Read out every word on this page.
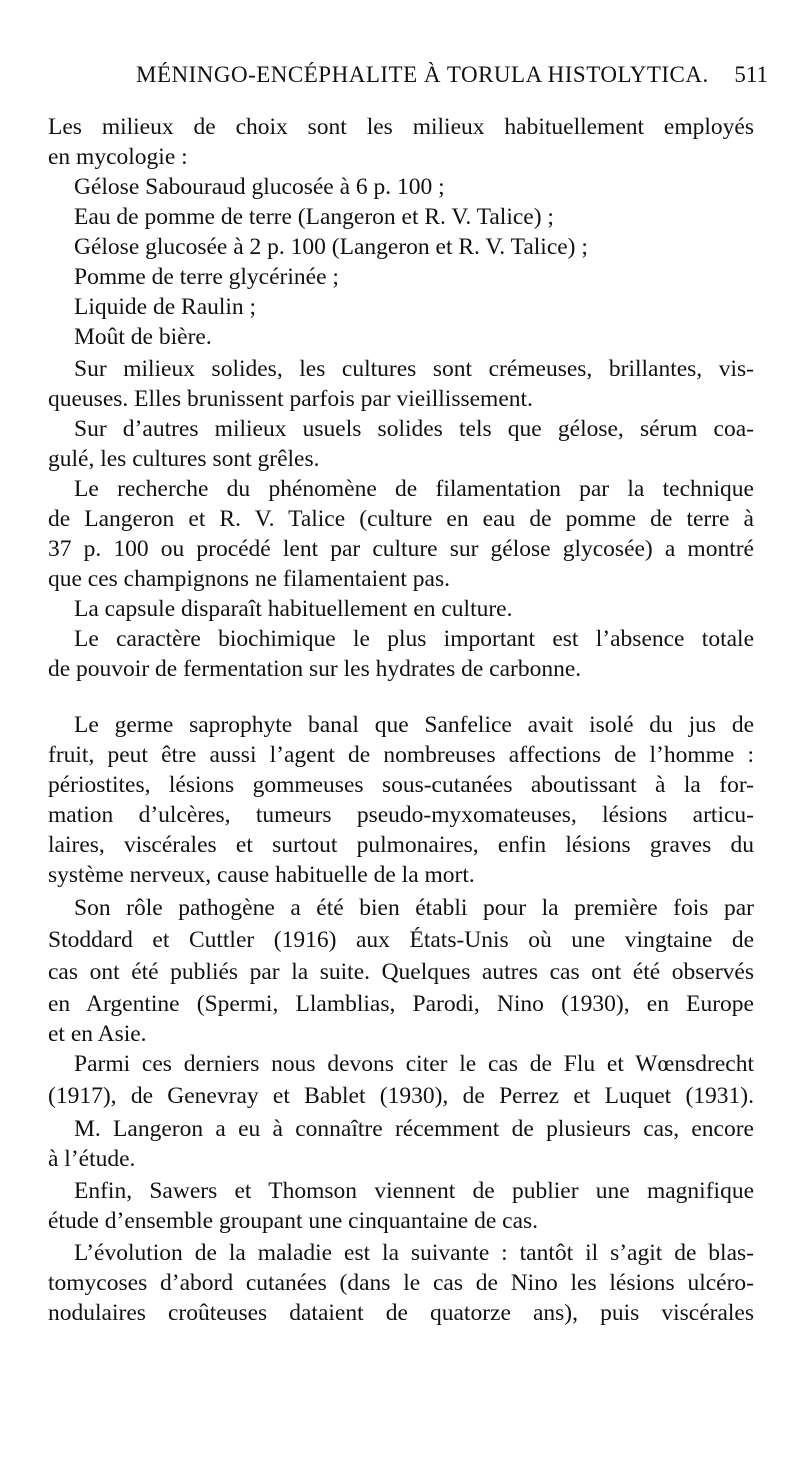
MÉNINGO-ENCÉPHALITE À TORULA HISTOLYTICA. 511
Les milieux de choix sont les milieux habituellement employés
en mycologie :
Gélose Sabouraud glucosée à 6 p. 100 ;
Eau de pomme de terre (Langeron et R. V. Talice) ;
Gélose glucosée à 2 p. 100 (Langeron et R. V. Talice) ;
Pomme de terre glycérinée ;
Liquide de Raulin ;
Moût de bière.
Sur milieux solides, les cultures sont crémeuses, brillantes, vis-
queuses. Elles brunissent parfois par vieillissement.
Sur d’autres milieux usuels solides tels que gélose, sérum coa-
gulé, les cultures sont grêles.
Le recherche du phénomène de filamentation par la technique
de Langeron et R. V. Talice (culture en eau de pomme de terre à
37 p. 100 ou procédé lent par culture sur gélose glycosée) a montré
que ces champignons ne filamentaient pas.
La capsule disparaît habituellement en culture.
Le caractère biochimique le plus important est l’absence totale
de pouvoir de fermentation sur les hydrates de carbonne.
Le germe saprophyte banal que Sanfelice avait isolé du jus de
fruit, peut être aussi l’agent de nombreuses affections de l’homme :
périostites, lésions gommeuses sous-cutanées aboutissant à la for-
mation d’ulcères, tumeurs pseudo-myxomateuses, lésions articu-
laires, viscérales et surtout pulmonaires, enfin lésions graves du
système nerveux, cause habituelle de la mort.
Son rôle pathogène a été bien établi pour la première fois par
Stoddard et Cuttler (1916) aux États-Unis où une vingtaine de
cas ont été publiés par la suite. Quelques autres cas ont été observés
en Argentine (Spermi, Llamblias, Parodi, Nino (1930), en Europe
et en Asie.
Parmi ces derniers nous devons citer le cas de Flu et Wœnsdrecht
(1917), de Genevray et Bablet (1930), de Perrez et Luquet (1931).
M. Langeron a eu à connaître récemment de plusieurs cas, encore
à l’étude.
Enfin, Sawers et Thomson viennent de publier une magnifique
étude d’ensemble groupant une cinquantaine de cas.
L’évolution de la maladie est la suivante : tantôt il s’agit de blas-
tomycoses d’abord cutanées (dans le cas de Nino les lésions ulcéro-
nodulaires croûteuses dataient de quatorze ans), puis viscérales
